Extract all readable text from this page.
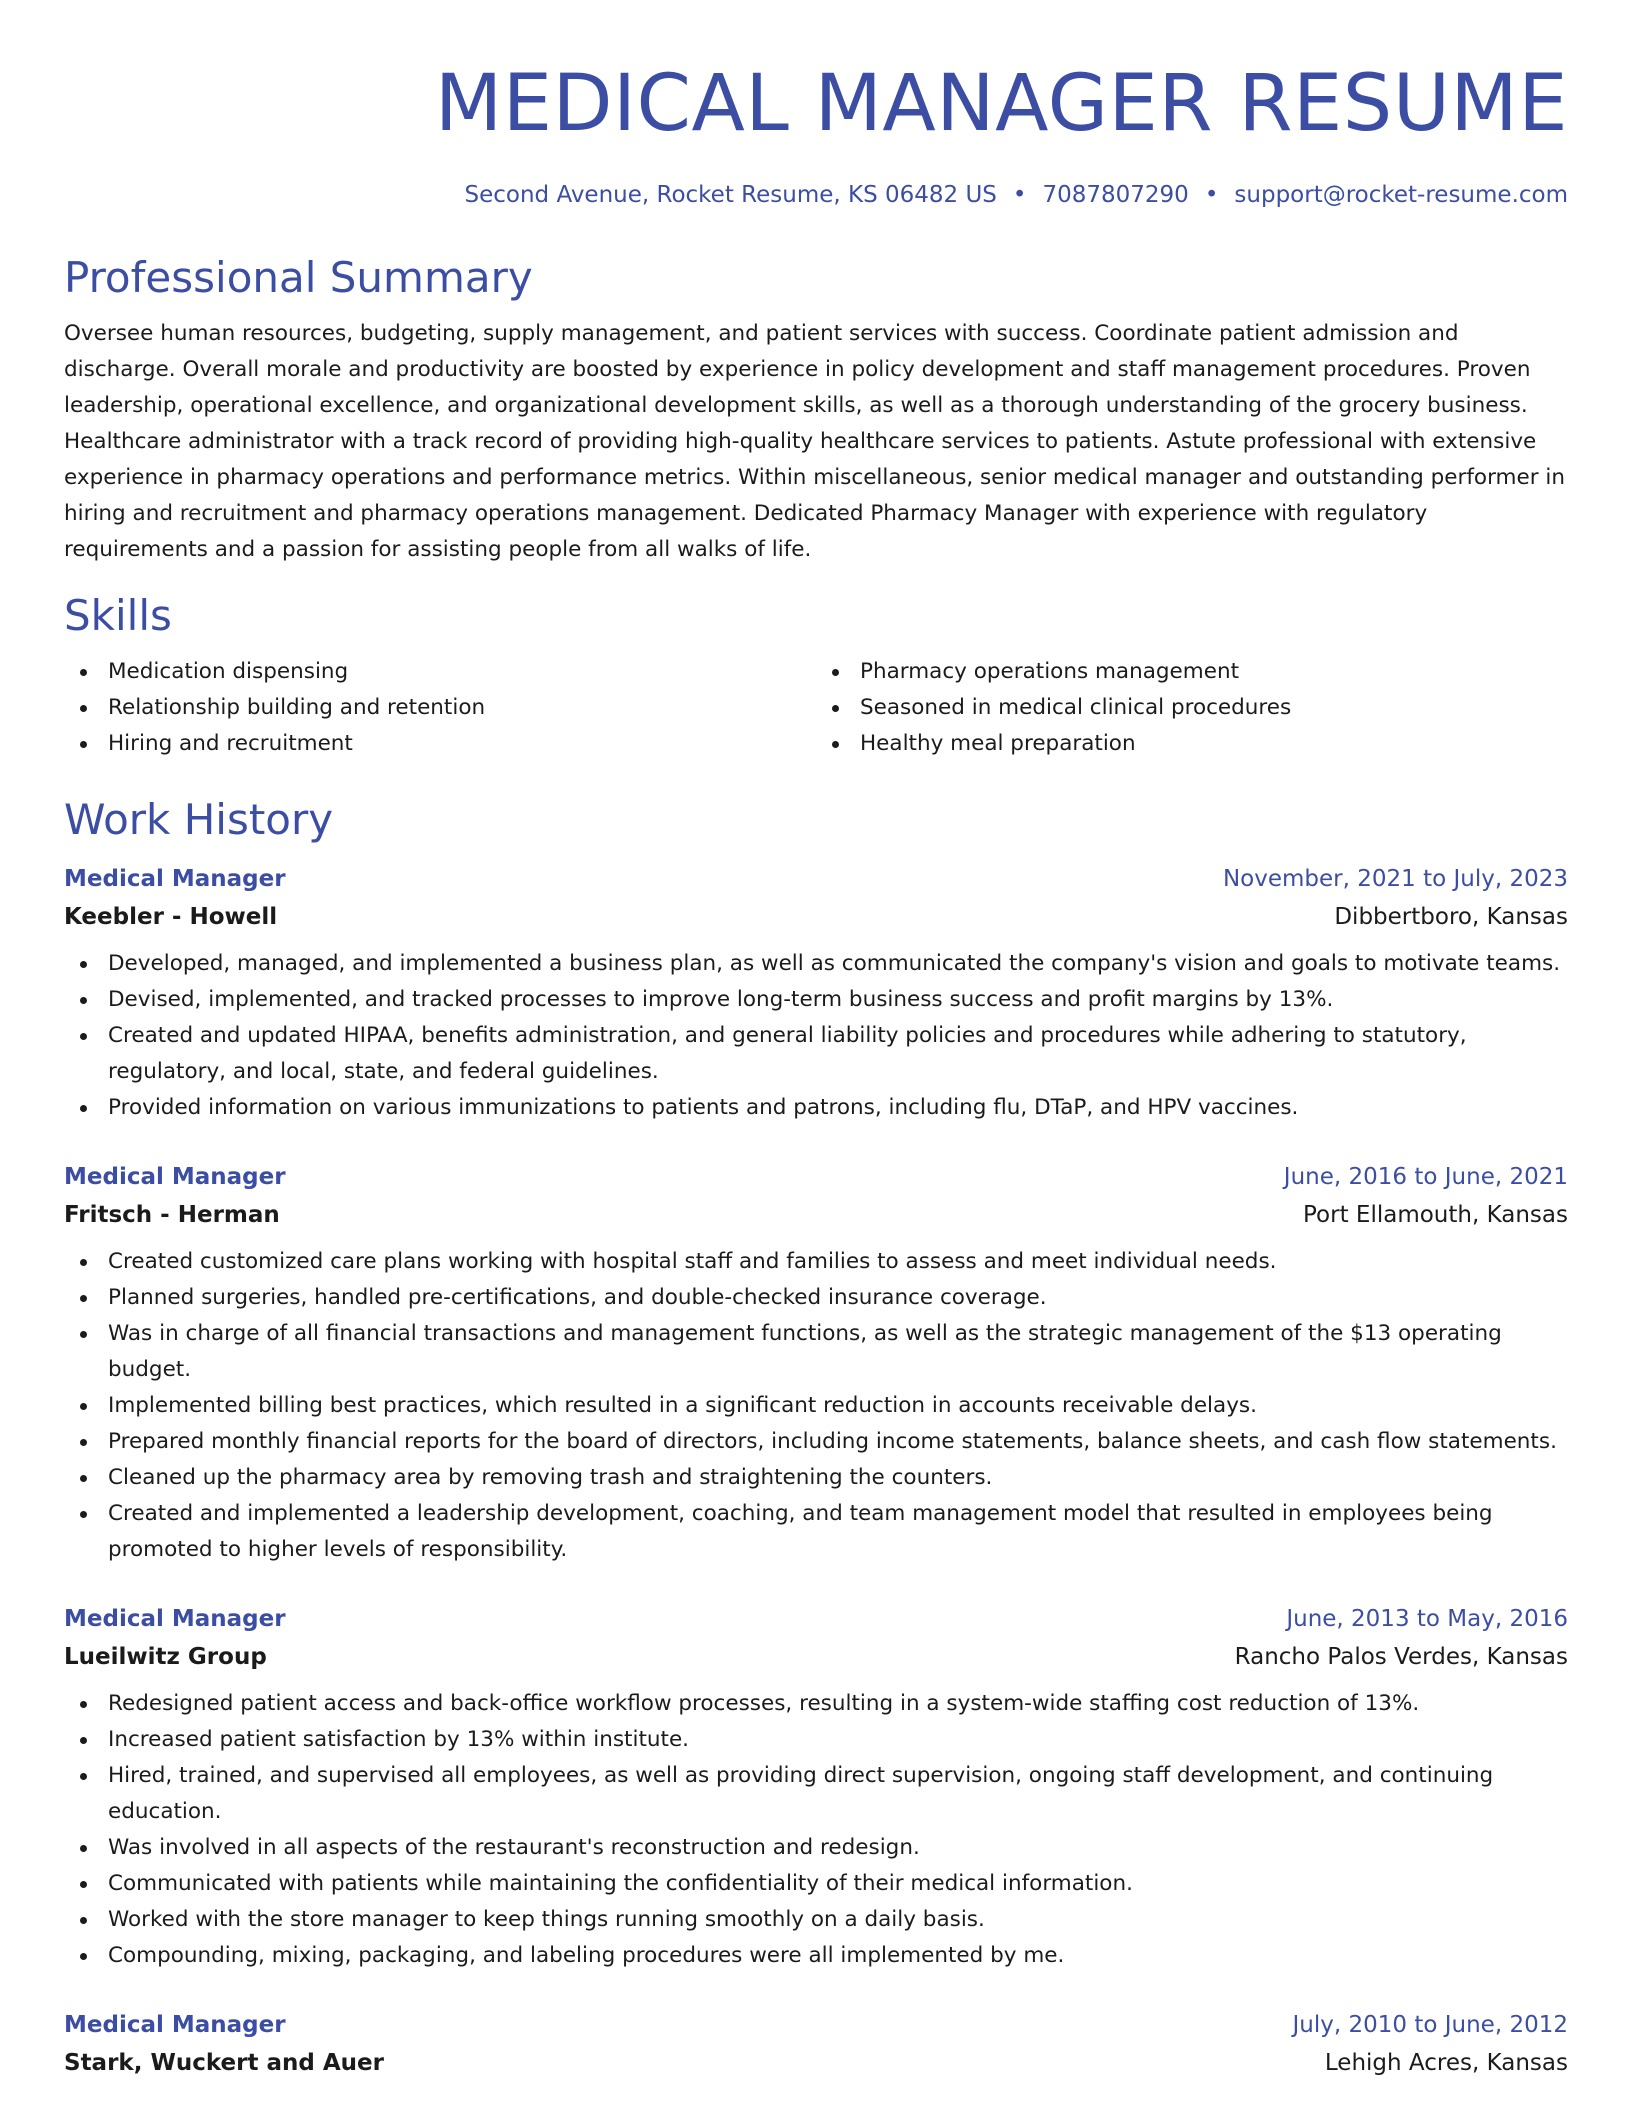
MEDICAL MANAGER RESUME
Second Avenue, Rocket Resume, KS 06482 US • 7087807290 • support@rocket-resume.com
Professional Summary
Oversee human resources, budgeting, supply management, and patient services with success. Coordinate patient admission and discharge. Overall morale and productivity are boosted by experience in policy development and staff management procedures. Proven leadership, operational excellence, and organizational development skills, as well as a thorough understanding of the grocery business. Healthcare administrator with a track record of providing high-quality healthcare services to patients. Astute professional with extensive experience in pharmacy operations and performance metrics. Within miscellaneous, senior medical manager and outstanding performer in hiring and recruitment and pharmacy operations management. Dedicated Pharmacy Manager with experience with regulatory requirements and a passion for assisting people from all walks of life.
Skills
Medication dispensing
Relationship building and retention
Hiring and recruitment
Pharmacy operations management
Seasoned in medical clinical procedures
Healthy meal preparation
Work History
Medical Manager	November, 2021 to July, 2023
Keebler - Howell	Dibbertboro, Kansas
Developed, managed, and implemented a business plan, as well as communicated the company's vision and goals to motivate teams.
Devised, implemented, and tracked processes to improve long-term business success and profit margins by 13%.
Created and updated HIPAA, benefits administration, and general liability policies and procedures while adhering to statutory, regulatory, and local, state, and federal guidelines.
Provided information on various immunizations to patients and patrons, including flu, DTaP, and HPV vaccines.
Medical Manager	June, 2016 to June, 2021
Fritsch - Herman	Port Ellamouth, Kansas
Created customized care plans working with hospital staff and families to assess and meet individual needs.
Planned surgeries, handled pre-certifications, and double-checked insurance coverage.
Was in charge of all financial transactions and management functions, as well as the strategic management of the $13 operating budget.
Implemented billing best practices, which resulted in a significant reduction in accounts receivable delays.
Prepared monthly financial reports for the board of directors, including income statements, balance sheets, and cash flow statements.
Cleaned up the pharmacy area by removing trash and straightening the counters.
Created and implemented a leadership development, coaching, and team management model that resulted in employees being promoted to higher levels of responsibility.
Medical Manager	June, 2013 to May, 2016
Lueilwitz Group	Rancho Palos Verdes, Kansas
Redesigned patient access and back-office workflow processes, resulting in a system-wide staffing cost reduction of 13%.
Increased patient satisfaction by 13% within institute.
Hired, trained, and supervised all employees, as well as providing direct supervision, ongoing staff development, and continuing education.
Was involved in all aspects of the restaurant's reconstruction and redesign.
Communicated with patients while maintaining the confidentiality of their medical information.
Worked with the store manager to keep things running smoothly on a daily basis.
Compounding, mixing, packaging, and labeling procedures were all implemented by me.
Medical Manager	July, 2010 to June, 2012
Stark, Wuckert and Auer	Lehigh Acres, Kansas
